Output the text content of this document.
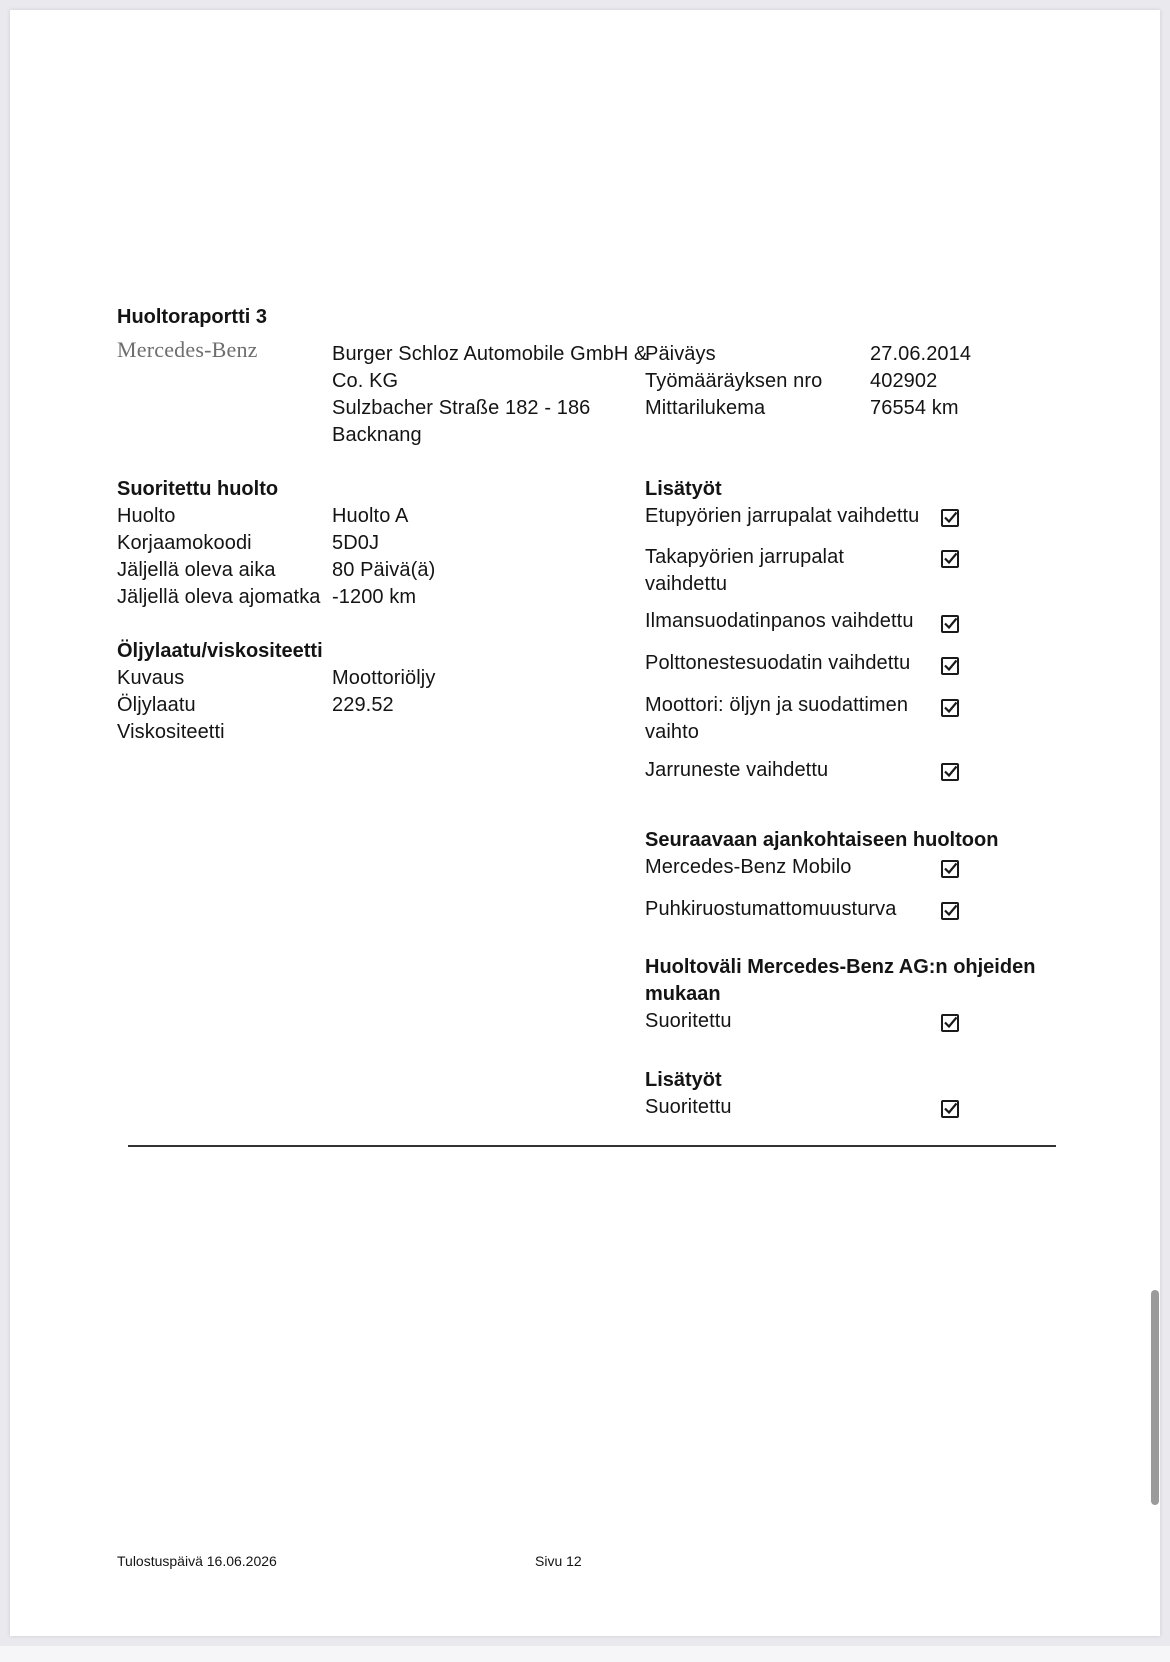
Huoltoraportti 3
Mercedes-Benz	Burger Schloz Automobile GmbH &
Co. KG
Sulzbacher Straße 182 - 186
Backnang
Päiväys	27.06.2014
Työmääräyksen nro 402902
Mittarilukema	76554 km
Suoritettu huolto
Huolto	Huolto A
Korjaamokoodi	5D0J
Jäljellä oleva aika	80 Päivä(ä)
Jäljellä oleva ajomatka -1200 km
Öljylaatu/viskositeetti
Kuvaus	Moottoriöljy
Öljylaatu	229.52
Viskositeetti
Lisätyöt
Etupyörien jarrupalat vaihdettu
Takapyörien jarrupalat
vaihdettu
Ilmansuodatinpanos vaihdettu
Polttonestesuodatin vaihdettu
Moottori: öljyn ja suodattimen
vaihto
Jarruneste vaihdettu
Seuraavaan ajankohtaiseen huoltoon
Mercedes-Benz Mobilo
Puhkiruostumattomuusturva
Huoltoväli Mercedes-Benz AG:n ohjeiden
mukaan
Suoritettu
Lisätyöt
Suoritettu
Tulostuspäivä 16.06.2026	Sivu 12
